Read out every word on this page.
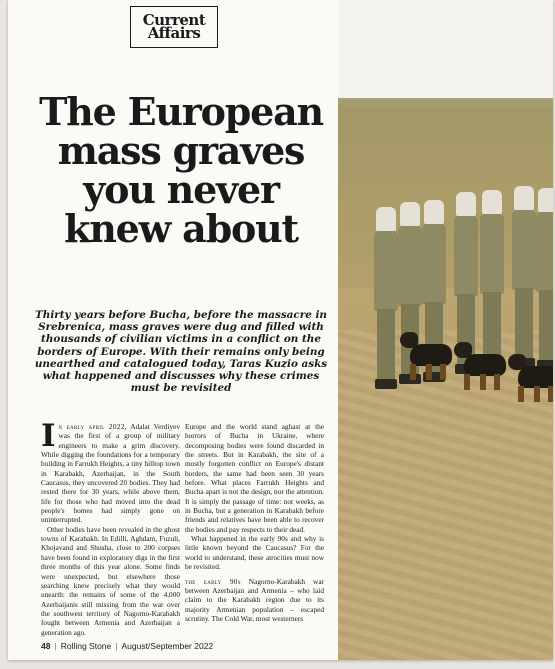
Current
Affairs
The European mass graves you never knew about

Thirty years before Bucha, before the massacre in Srebrenica, mass graves were dug and filled with thousands of civilian victims in a conflict on the borders of Europe. With their remains only being unearthed and catalogued today, Taras Kuzio asks what happened and discusses why these crimes must be revisited

In early april 2022, Adalat Verdiyev was the first of a group of military engineers to make a grim discovery. While digging the foundations for a temporary building in Farrukh Heights, a tiny hilltop town in Karabakh, Azerbaijan, in the South Caucasus, they uncovered 20 bodies. They had rested there for 30 years, while above them, life for those who had moved into the dead people's homes had simply gone on uninterrupted.

Other bodies have been revealed in the ghost towns of Karabakh. In Edilli, Aghdam, Fuzuli, Khojavand and Shusha, close to 200 corpses have been found in exploratory digs in the first three months of this year alone. Some finds were unexpected, but elsewhere those searching knew precisely what they would unearth: the remains of some of the 4,000 Azerbaijanis still missing from the war over the southwest territory of Nagorno-Karabakh fought between Armenia and Azerbaijan a generation ago.

Europe and the world stand aghast at the horrors of Bucha in Ukraine, where decomposing bodies were found discarded in the streets. But in Karabakh, the site of a mostly forgotten conflict on Europe's distant borders, the same had been seen 30 years before. What places Farrukh Heights and Bucha apart is not the design, nor the attention. It is simply the passage of time: not weeks, as in Bucha, but a generation in Karabakh before friends and relatives have been able to recover the bodies and pay respects to their dead.

What happened in the early 90s and why is little known beyond the Caucasus? For the world to understand, these atrocities must now be revisited.

the early 90s Nagorno-Karabakh war between Azerbaijan and Armenia – who laid claim to the Karabakh region due to its majority Armenian population – escaped scrutiny. The Cold War, most westerners

48 | Rolling Stone | August/September 2022
